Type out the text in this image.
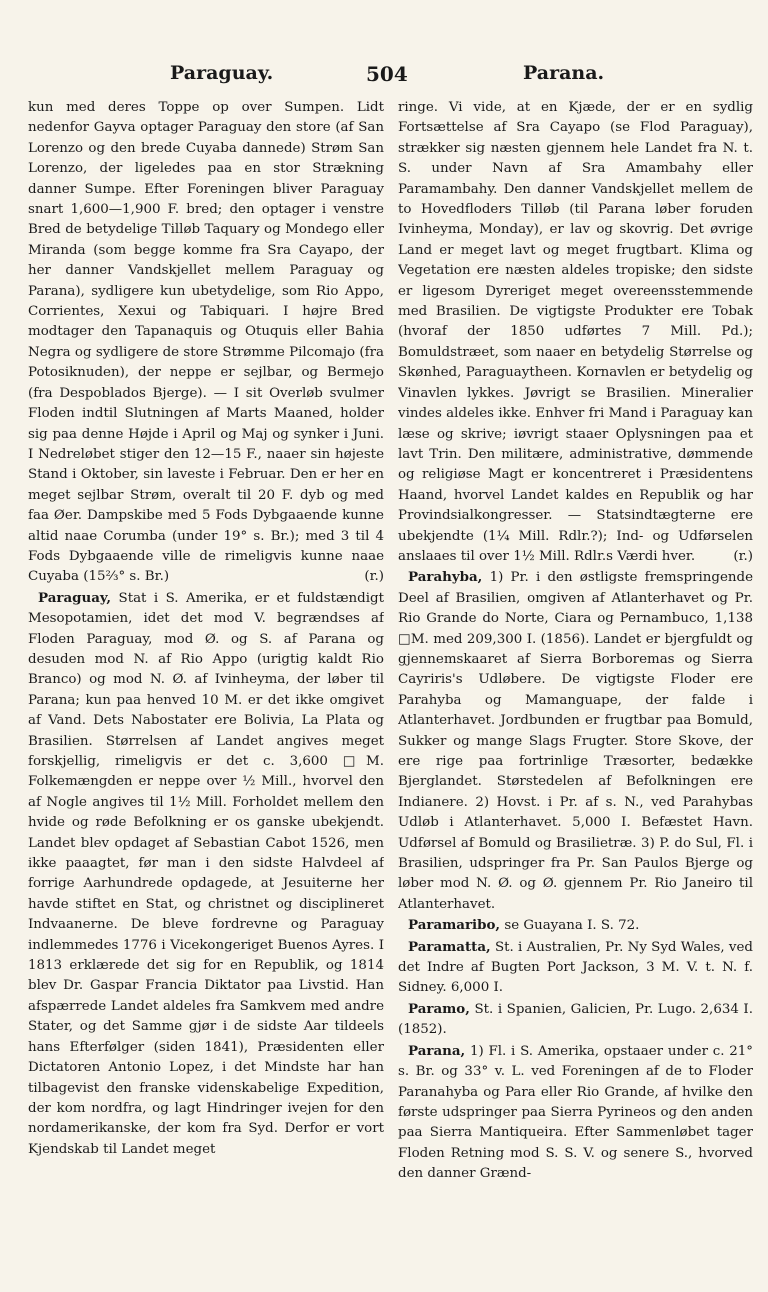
Paraguay.	504	Parana.

kun med deres Toppe op over Sumpen. Lidt nedenfor Gayva optager Paraguay den store (af San Lorenzo og den brede Cuyaba dannede) Strøm San Lorenzo, der ligeledes paa en stor Strækning danner Sumpe. Efter Foreningen bliver Paraguay snart 1,600—1,900 F. bred; den optager i venstre Bred de betydelige Tilløb Taquary og Mondego eller Miranda (som begge komme fra Sra Cayapo, der her danner Vandskjellet mellem Paraguay og Parana), sydligere kun ubetydelige, som Rio Appo, Corrientes, Xexui og Tabiquari. I højre Bred modtager den Tapanaquis og Otuquis eller Bahia Negra og sydligere de store Strømme Pilcomajo (fra Potosiknuden), der neppe er sejlbar, og Bermejo (fra Despoblados Bjerge). — I sit Overløb svulmer Floden indtil Slutningen af Marts Maaned, holder sig paa denne Højde i April og Maj og synker i Juni. I Nedreløbet stiger den 12—15 F., naaer sin højeste Stand i Oktober, sin laveste i Februar. Den er her en meget sejlbar Strøm, overalt til 20 F. dyb og med faa Øer. Dampskibe med 5 Fods Dybgaaende kunne altid naae Corumba (under 19° s. Br.); med 3 til 4 Fods Dybgaaende ville de rimeligvis kunne naae Cuyaba (15⅔° s. Br.)	(r.)

Paraguay, Stat i S. Amerika, er et fuldstændigt Mesopotamien, idet det mod V. begrændses af Floden Paraguay, mod Ø. og S. af Parana og desuden mod N. af Rio Appo (urigtig kaldt Rio Branco) og mod N. Ø. af Ivinheyma, der løber til Parana; kun paa henved 10 M. er det ikke omgivet af Vand. Dets Nabostater ere Bolivia, La Plata og Brasilien. Størrelsen af Landet angives meget forskjellig, rimeligvis er det c. 3,600 □M. Folkemængden er neppe over ½ Mill., hvorvel den af Nogle angives til 1½ Mill. Forholdet mellem den hvide og røde Befolkning er os ganske ubekjendt. Landet blev opdaget af Sebastian Cabot 1526, men ikke paaagtet, før man i den sidste Halvdeel af forrige Aarhundrede opdagede, at Jesuiterne her havde stiftet en Stat, og christnet og disciplineret Indvaanerne. De bleve fordrevne og Paraguay indlemmedes 1776 i Vicekongeriget Buenos Ayres. I 1813 erklærede det sig for en Republik, og 1814 blev Dr. Gaspar Francia Diktator paa Livstid. Han afspærrede Landet aldeles fra Samkvem med andre Stater, og det Samme gjør i de sidste Aar tildeels hans Efterfølger (siden 1841), Præsidenten eller Dictatoren Antonio Lopez, i det Mindste har han tilbagevist den franske videnskabelige Expedition, der kom nordfra, og lagt Hindringer ivejen for den nordamerikanske, der kom fra Syd. Derfor er vort Kjendskab til Landet meget

ringe. Vi vide, at en Kjæde, der er en sydlig Fortsættelse af Sra Cayapo (se Flod Paraguay), strækker sig næsten gjennem hele Landet fra N. t. S. under Navn af Sra Amambahy eller Paramambahy. Den danner Vandskjellet mellem de to Hovedfloders Tilløb (til Parana løber foruden Ivinheyma, Monday), er lav og skovrig. Det øvrige Land er meget lavt og meget frugtbart. Klima og Vegetation ere næsten aldeles tropiske; den sidste er ligesom Dyreriget meget overeensstemmende med Brasilien. De vigtigste Produkter ere Tobak (hvoraf der 1850 udførtes 7 Mill. Pd.); Bomuldstræet, som naaer en betydelig Størrelse og Skønhed, Paraguaytheen. Kornavlen er betydelig og Vinavlen lykkes. Jøvrigt se Brasilien. Mineralier vindes aldeles ikke. Enhver fri Mand i Paraguay kan læse og skrive; iøvrigt staaer Oplysningen paa et lavt Trin. Den militære, administrative, dømmende og religiøse Magt er koncentreret i Præsidentens Haand, hvorvel Landet kaldes en Republik og har Provindsialkongresser. — Statsindtægterne ere ubekjendte (1¼ Mill. Rdlr.?); Ind- og Udførselen anslaaes til over 1½ Mill. Rdlr.s Værdi hver.	(r.)

Parahyba, 1) Pr. i den østligste fremspringende Deel af Brasilien, omgiven af Atlanterhavet og Pr. Rio Grande do Norte, Ciara og Pernambuco, 1,138 □M. med 209,300 I. (1856). Landet er bjergfuldt og gjennemskaaret af Sierra Borboremas og Sierra Cayriris's Udløbere. De vigtigste Floder ere Parahyba og Mamanguape, der falde i Atlanterhavet. Jordbunden er frugtbar paa Bomuld, Sukker og mange Slags Frugter. Store Skove, der ere rige paa fortrinlige Træsorter, bedække Bjerglandet. Størstedelen af Befolkningen ere Indianere. 2) Hovst. i Pr. af s. N., ved Parahybas Udløb i Atlanterhavet. 5,000 I. Befæstet Havn. Udførsel af Bomuld og Brasilietræ. 3) P. do Sul, Fl. i Brasilien, udspringer fra Pr. San Paulos Bjerge og løber mod N. Ø. og Ø. gjennem Pr. Rio Janeiro til Atlanterhavet.

Paramaribo, se Guayana I. S. 72.

Paramatta, St. i Australien, Pr. Ny Syd Wales, ved det Indre af Bugten Port Jackson, 3 M. V. t. N. f. Sidney. 6,000 I.

Paramo, St. i Spanien, Galicien, Pr. Lugo. 2,634 I. (1852).

Parana, 1) Fl. i S. Amerika, opstaaer under c. 21° s. Br. og 33° v. L. ved Foreningen af de to Floder Paranahyba og Para eller Rio Grande, af hvilke den første udspringer paa Sierra Pyrineos og den anden paa Sierra Mantiqueira. Efter Sammenløbet tager Floden Retning mod S. S. V. og senere S., hvorved den danner Grænd-
